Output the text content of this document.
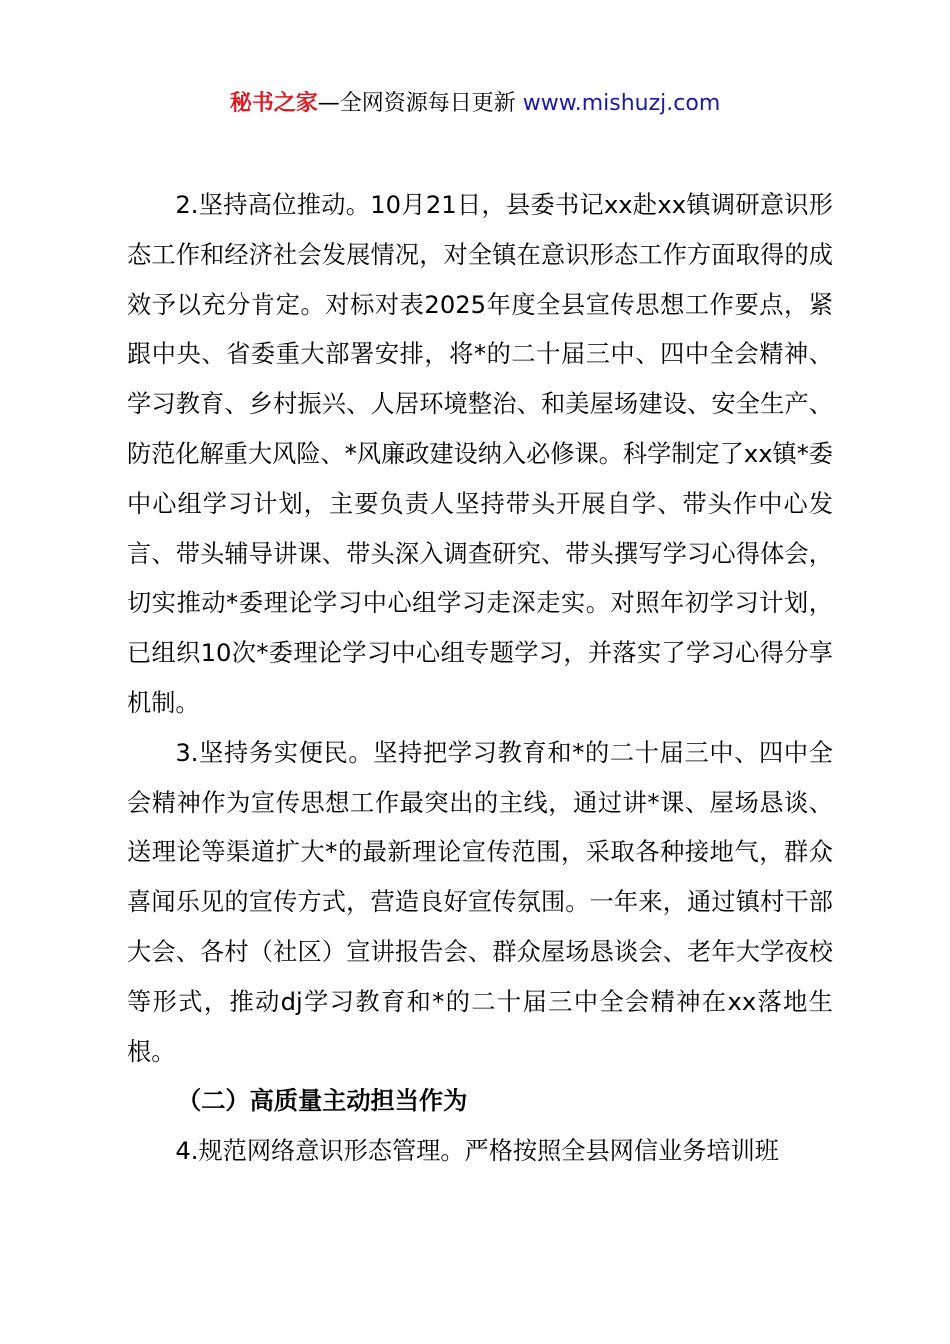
秘书之家—全网资源每日更新 www.mishuzj.com

2.坚持高位推动。10月21日，县委书记xx赴xx镇调研意识形态工作和经济社会发展情况，对全镇在意识形态工作方面取得的成效予以充分肯定。对标对表2025年度全县宣传思想工作要点，紧跟中央、省委重大部署安排，将*的二十届三中、四中全会精神、学习教育、乡村振兴、人居环境整治、和美屋场建设、安全生产、防范化解重大风险、*风廉政建设纳入必修课。科学制定了xx镇*委中心组学习计划，主要负责人坚持带头开展自学、带头作中心发言、带头辅导讲课、带头深入调查研究、带头撰写学习心得体会，切实推动*委理论学习中心组学习走深走实。对照年初学习计划，已组织10次*委理论学习中心组专题学习，并落实了学习心得分享机制。

3.坚持务实便民。坚持把学习教育和*的二十届三中、四中全会精神作为宣传思想工作最突出的主线，通过讲*课、屋场恳谈、送理论等渠道扩大*的最新理论宣传范围，采取各种接地气，群众喜闻乐见的宣传方式，营造良好宣传氛围。一年来，通过镇村干部大会、各村（社区）宣讲报告会、群众屋场恳谈会、老年大学夜校等形式，推动dj学习教育和*的二十届三中全会精神在xx落地生根。

（二）高质量主动担当作为

4.规范网络意识形态管理。严格按照全县网信业务培训班
